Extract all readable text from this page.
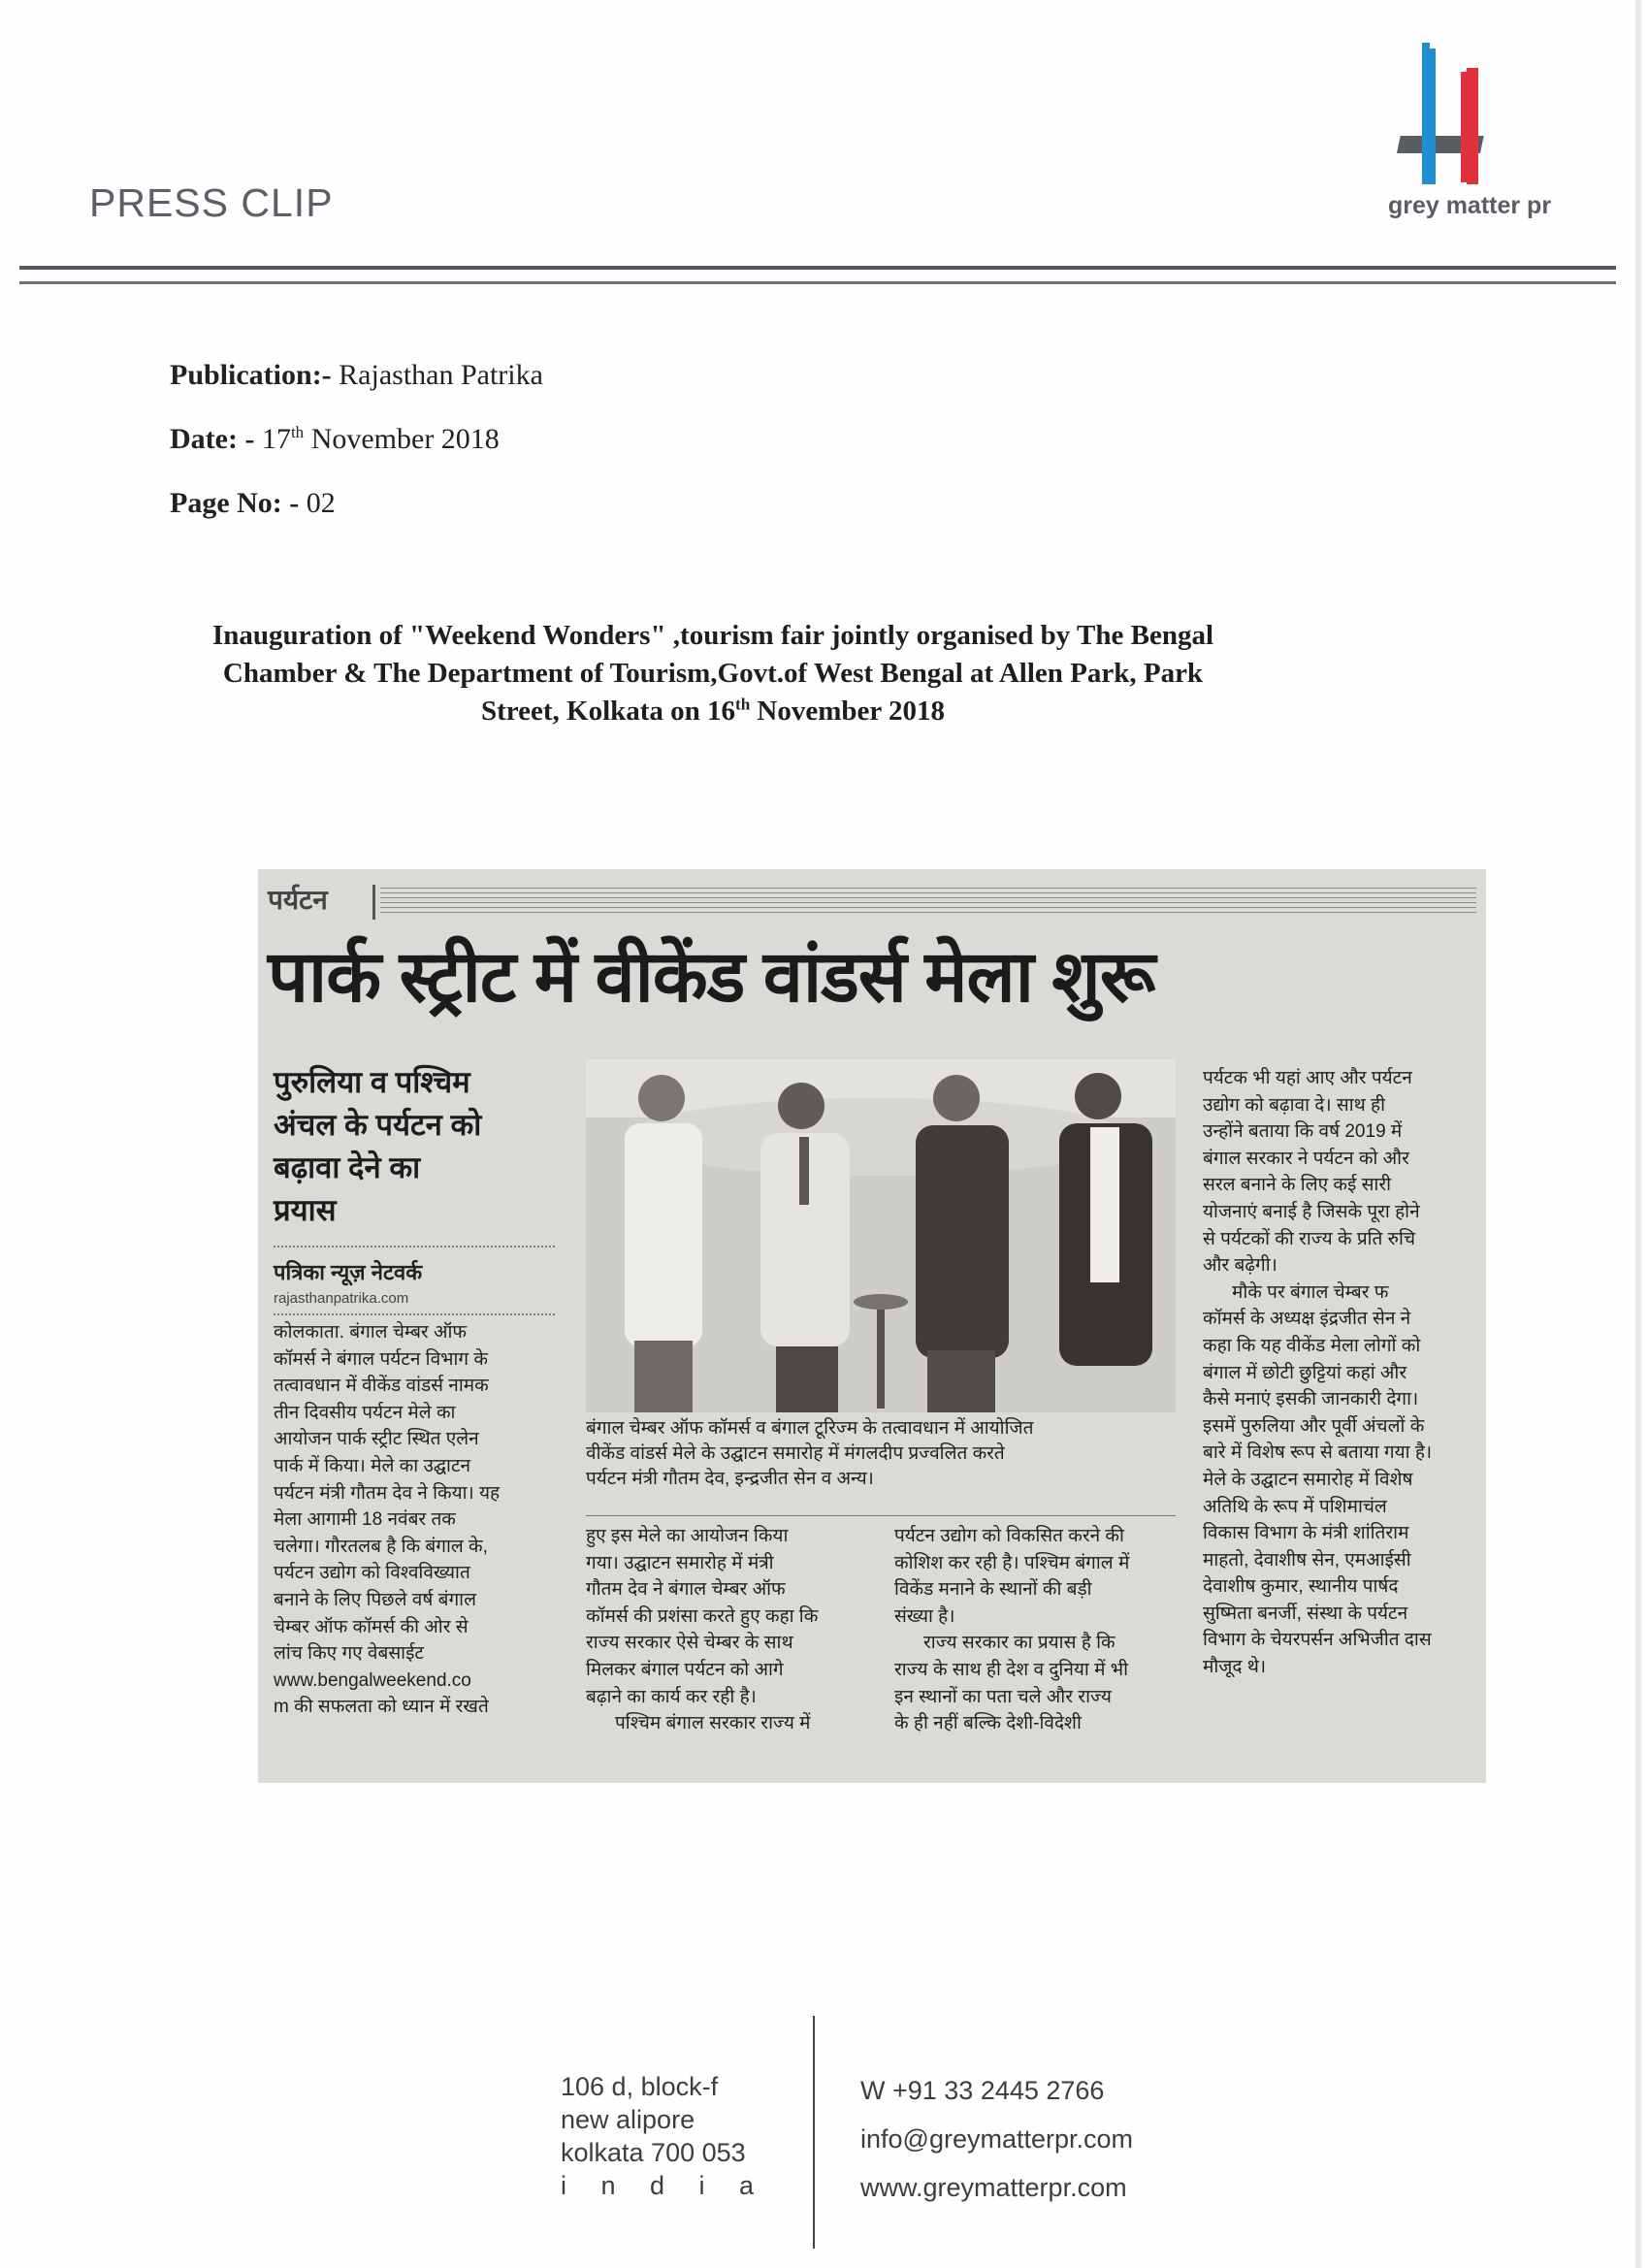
PRESS CLIP	grey matter pr
Publication:- Rajasthan Patrika
Date: - 17th November 2018
Page No: - 02
Inauguration of "Weekend Wonders" ,tourism fair jointly organised by The Bengal
Chamber & The Department of Tourism,Govt.of West Bengal at Allen Park, Park
Street, Kolkata on 16th November 2018
पर्यटन
पार्क स्ट्रीट में वीकेंड वांडर्स मेला शुरू
पुरुलिया व पश्चिम
अंचल के पर्यटन को
बढ़ावा देने का
प्रयास
पत्रिका न्यूज़ नेटवर्क
rajasthanpatrika.com
कोलकाता. बंगाल चेम्बर ऑफ
कॉमर्स ने बंगाल पर्यटन विभाग के
तत्वावधान में वीकेंड वांडर्स नामक
तीन दिवसीय पर्यटन मेले का
आयोजन पार्क स्ट्रीट स्थित एलेन
पार्क में किया। मेले का उद्घाटन
पर्यटन मंत्री गौतम देव ने किया। यह
मेला आगामी 18 नवंबर तक
चलेगा। गौरतलब है कि बंगाल के,
पर्यटन उद्योग को विश्वविख्यात
बनाने के लिए पिछले वर्ष बंगाल
चेम्बर ऑफ कॉमर्स की ओर से
लांच किए गए वेबसाईट
www.bengalweekend.co
m की सफलता को ध्यान में रखते
बंगाल चेम्बर ऑफ कॉमर्स व बंगाल टूरिज्म के तत्वावधान में आयोजित
वीकेंड वांडर्स मेले के उद्घाटन समारोह में मंगलदीप प्रज्वलित करते
पर्यटन मंत्री गौतम देव, इन्द्रजीत सेन व अन्य।
हुए इस मेले का आयोजन किया
गया। उद्घाटन समारोह में मंत्री
गौतम देव ने बंगाल चेम्बर ऑफ
कॉमर्स की प्रशंसा करते हुए कहा कि
राज्य सरकार ऐसे चेम्बर के साथ
मिलकर बंगाल पर्यटन को आगे
बढ़ाने का कार्य कर रही है।
पश्चिम बंगाल सरकार राज्य में
पर्यटन उद्योग को विकसित करने की
कोशिश कर रही है। पश्चिम बंगाल में
विकेंड मनाने के स्थानों की बड़ी
संख्या है।
राज्य सरकार का प्रयास है कि
राज्य के साथ ही देश व दुनिया में भी
इन स्थानों का पता चले और राज्य
के ही नहीं बल्कि देशी-विदेशी
पर्यटक भी यहां आए और पर्यटन
उद्योग को बढ़ावा दे। साथ ही
उन्होंने बताया कि वर्ष 2019 में
बंगाल सरकार ने पर्यटन को और
सरल बनाने के लिए कई सारी
योजनाएं बनाई है जिसके पूरा होने
से पर्यटकों की राज्य के प्रति रुचि
और बढ़ेगी।
मौके पर बंगाल चेम्बर फ
कॉमर्स के अध्यक्ष इंद्रजीत सेन ने
कहा कि यह वीकेंड मेला लोगों को
बंगाल में छोटी छुट्टियां कहां और
कैसे मनाएं इसकी जानकारी देगा।
इसमें पुरुलिया और पूर्वी अंचलों के
बारे में विशेष रूप से बताया गया है।
मेले के उद्घाटन समारोह में विशेष
अतिथि के रूप में पशिमाचंल
विकास विभाग के मंत्री शांतिराम
माहतो, देवाशीष सेन, एमआईसी
देवाशीष कुमार, स्थानीय पार्षद
सुष्मिता बनर्जी, संस्था के पर्यटन
विभाग के चेयरपर्सन अभिजीत दास
मौजूद थे।
106 d, block-f
new alipore
kolkata 700 053
i n d i a
W +91 33 2445 2766
info@greymatterpr.com
www.greymatterpr.com
